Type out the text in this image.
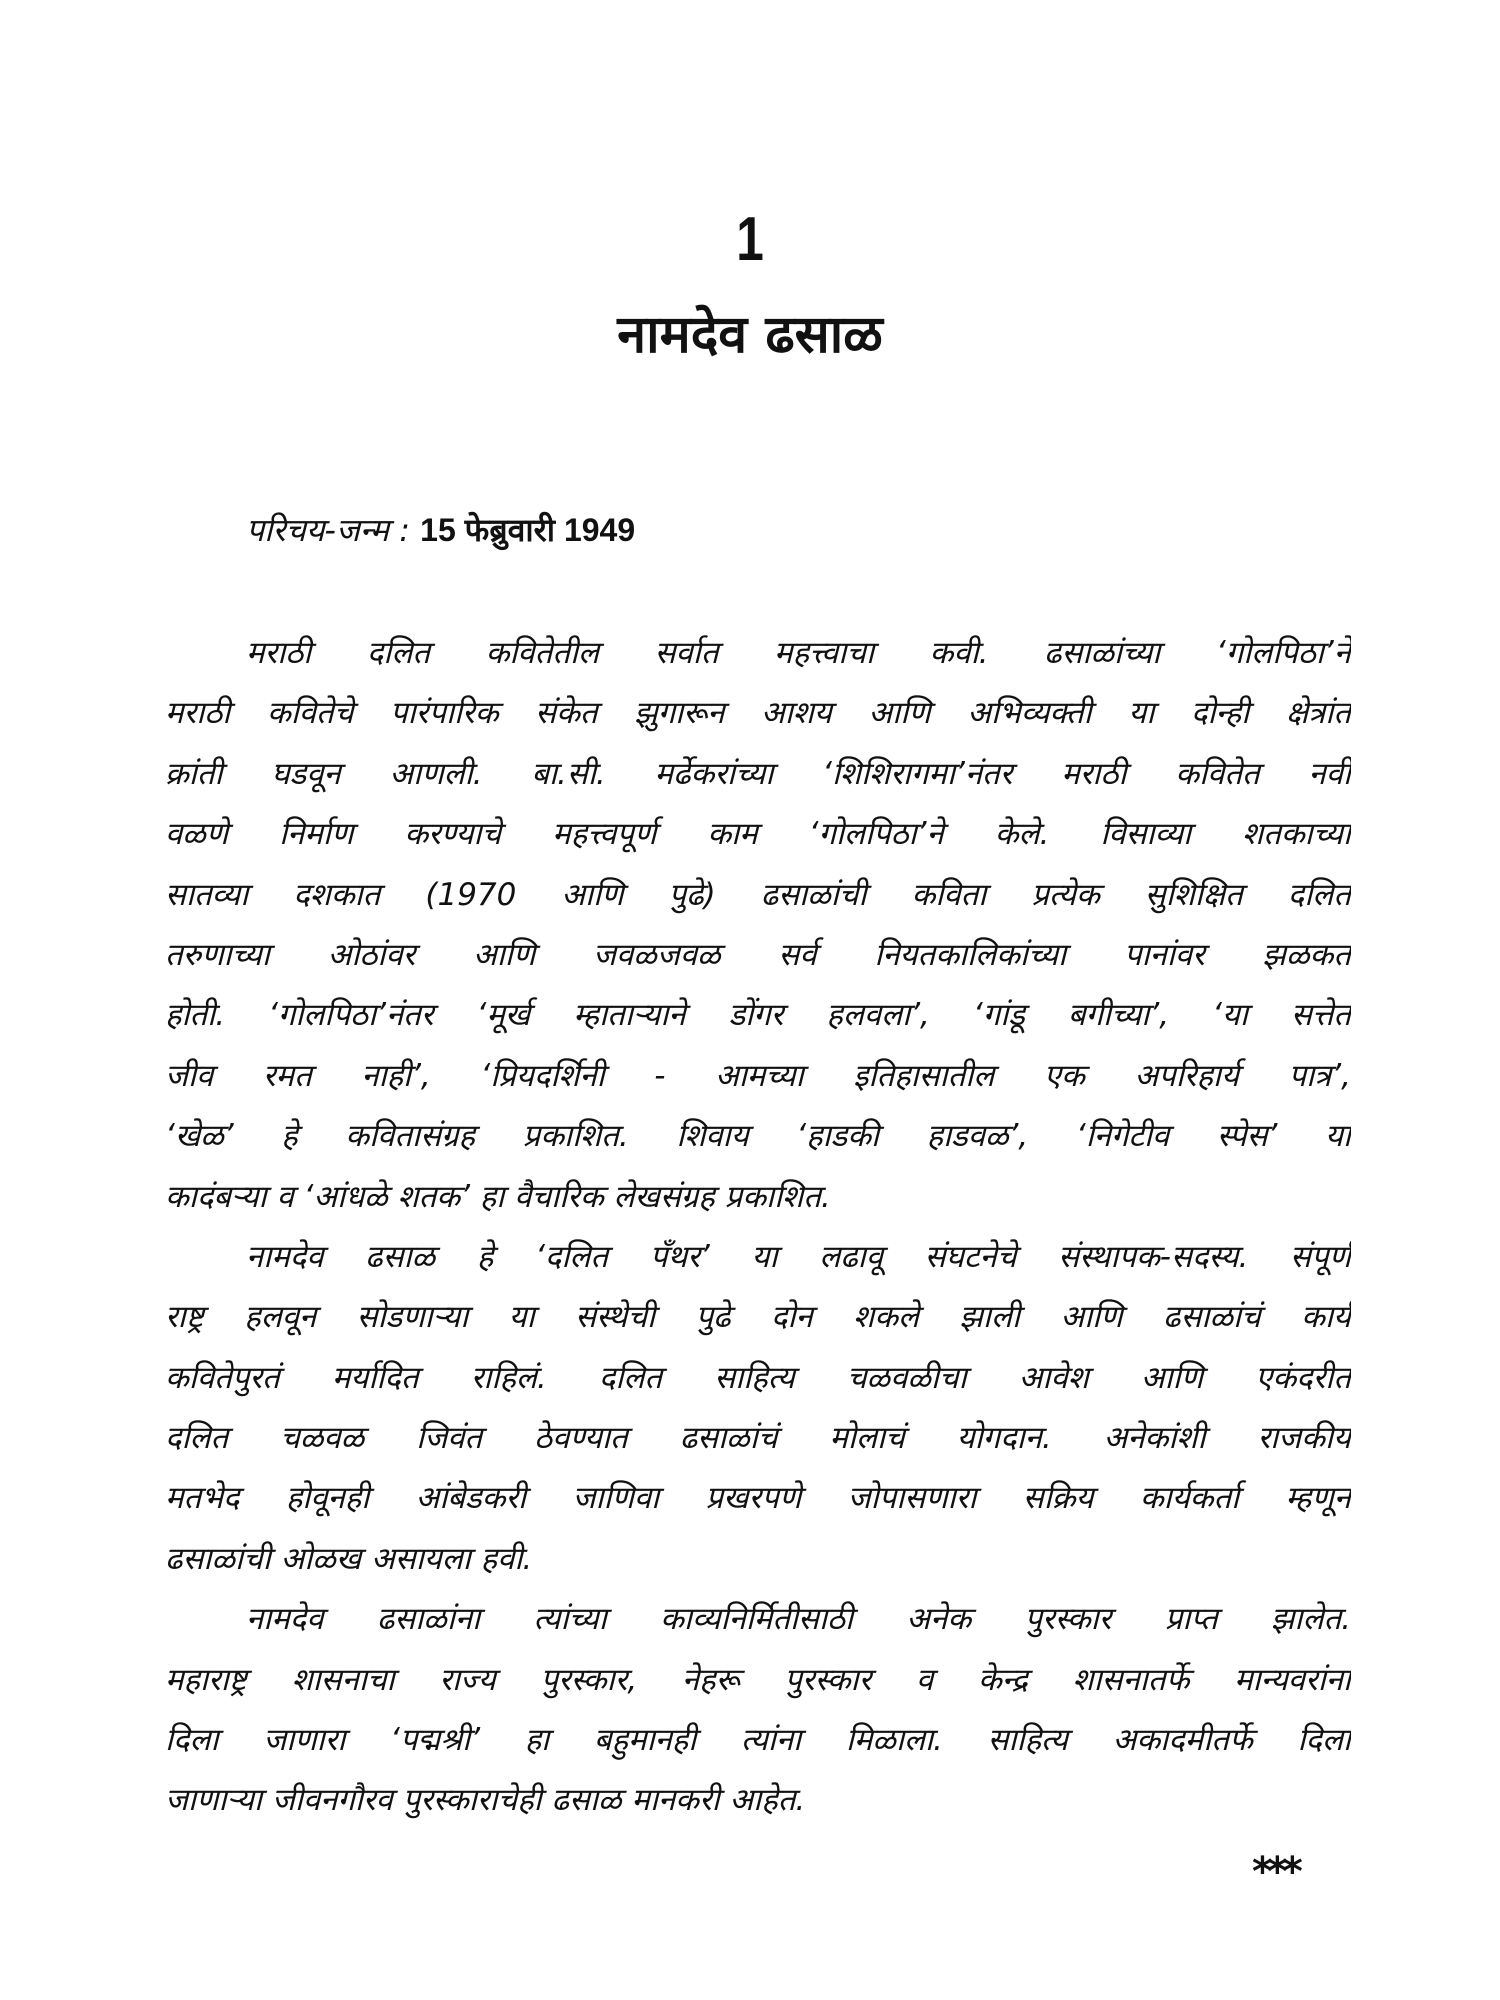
1
नामदेव ढसाळ
परिचय-जन्म : 15 फेब्रुवारी 1949
मराठी दलित कवितेतील सर्वात महत्त्वाचा कवी. ढसाळांच्या ‘गोलपिठा’ने
मराठी कवितेचे पारंपारिक संकेत झुगारून आशय आणि अभिव्यक्ती या दोन्ही क्षेत्रांत
क्रांती घडवून आणली. बा.सी. मर्ढेकरांच्या ‘शिशिरागमा’नंतर मराठी कवितेत नवी
वळणे निर्माण करण्याचे महत्त्वपूर्ण काम ‘गोलपिठा’ने केले. विसाव्या शतकाच्या
सातव्या दशकात (1970 आणि पुढे) ढसाळांची कविता प्रत्येक सुशिक्षित दलित
तरुणाच्या ओठांवर आणि जवळजवळ सर्व नियतकालिकांच्या पानांवर झळकत
होती. ‘गोलपिठा’नंतर ‘मूर्ख म्हाताऱ्याने डोंगर हलवला’, ‘गांडू बगीच्या’, ‘या सत्तेत
जीव रमत नाही’, ‘प्रियदर्शिनी - आमच्या इतिहासातील एक अपरिहार्य पात्र’,
‘खेळ’ हे कवितासंग्रह प्रकाशित. शिवाय ‘हाडकी हाडवळ’, ‘निगेटीव स्पेस’ या
कादंबऱ्या व ‘आंधळे शतक’ हा वैचारिक लेखसंग्रह प्रकाशित.
नामदेव ढसाळ हे ‘दलित पँथर’ या लढावू संघटनेचे संस्थापक-सदस्य. संपूर्ण
राष्ट्र हलवून सोडणाऱ्या या संस्थेची पुढे दोन शकले झाली आणि ढसाळांचं कार्य
कवितेपुरतं मर्यादित राहिलं. दलित साहित्य चळवळीचा आवेश आणि एकंदरीत
दलित चळवळ जिवंत ठेवण्यात ढसाळांचं मोलाचं योगदान. अनेकांशी राजकीय
मतभेद होवूनही आंबेडकरी जाणिवा प्रखरपणे जोपासणारा सक्रिय कार्यकर्ता म्हणून
ढसाळांची ओळख असायला हवी.
नामदेव ढसाळांना त्यांच्या काव्यनिर्मितीसाठी अनेक पुरस्कार प्राप्त झालेत.
महाराष्ट्र शासनाचा राज्य पुरस्कार, नेहरू पुरस्कार व केन्द्र शासनातर्फे मान्यवरांना
दिला जाणारा ‘पद्मश्री’ हा बहुमानही त्यांना मिळाला. साहित्य अकादमीतर्फे दिला
जाणाऱ्या जीवनगौरव पुरस्काराचेही ढसाळ मानकरी आहेत.
***
